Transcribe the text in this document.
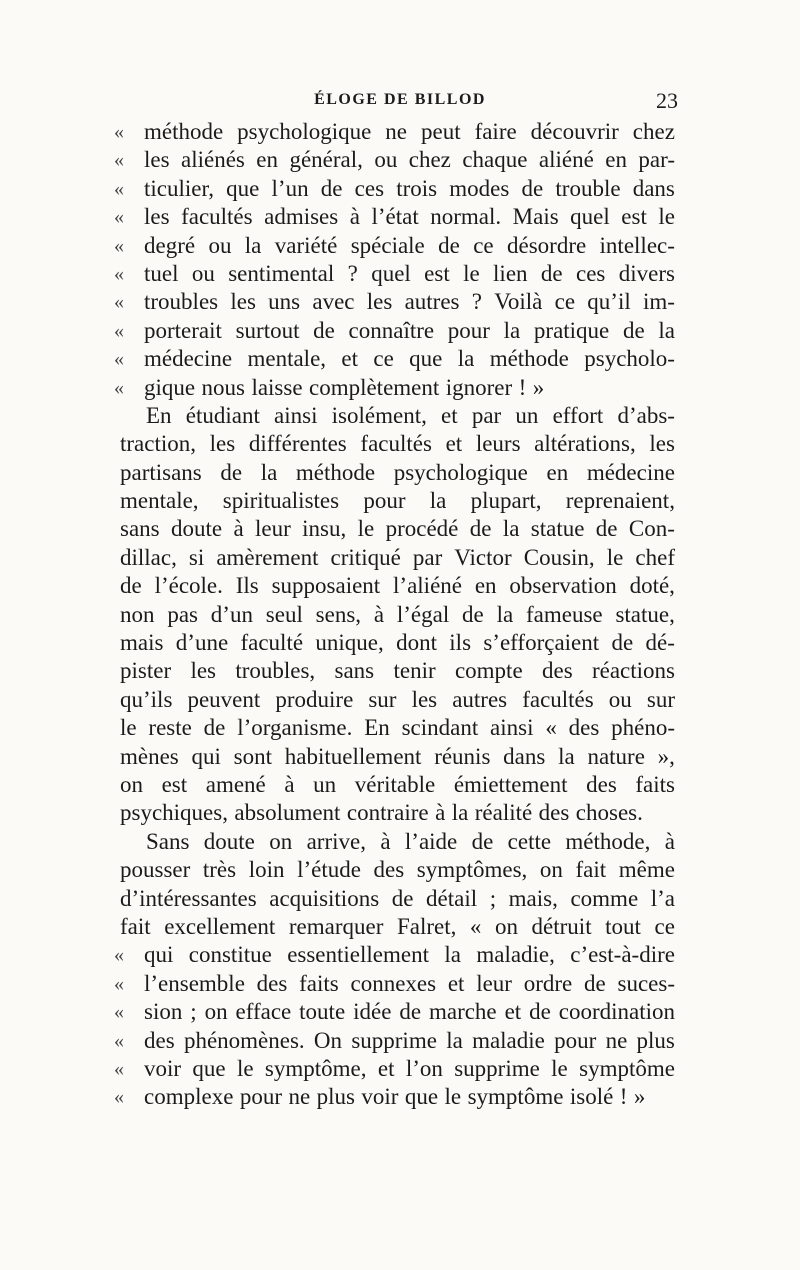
ÉLOGE DE BILLOD	23
« méthode psychologique ne peut faire découvrir chez
« les aliénés en général, ou chez chaque aliéné en par-
« ticulier, que l’un de ces trois modes de trouble dans
« les facultés admises à l’état normal. Mais quel est le
« degré ou la variété spéciale de ce désordre intellec-
« tuel ou sentimental ? quel est le lien de ces divers
« troubles les uns avec les autres ? Voilà ce qu’il im-
« porterait surtout de connaître pour la pratique de la
« médecine mentale, et ce que la méthode psycholo-
« gique nous laisse complètement ignorer ! »
En étudiant ainsi isolément, et par un effort d’abs-
traction, les différentes facultés et leurs altérations, les
partisans de la méthode psychologique en médecine
mentale, spiritualistes pour la plupart, reprenaient,
sans doute à leur insu, le procédé de la statue de Con-
dillac, si amèrement critiqué par Victor Cousin, le chef
de l’école. Ils supposaient l’aliéné en observation doté,
non pas d’un seul sens, à l’égal de la fameuse statue,
mais d’une faculté unique, dont ils s’efforçaient de dé-
pister les troubles, sans tenir compte des réactions
qu’ils peuvent produire sur les autres facultés ou sur
le reste de l’organisme. En scindant ainsi « des phéno-
mènes qui sont habituellement réunis dans la nature »,
on est amené à un véritable émiettement des faits
psychiques, absolument contraire à la réalité des choses.
Sans doute on arrive, à l’aide de cette méthode, à
pousser très loin l’étude des symptômes, on fait même
d’intéressantes acquisitions de détail ; mais, comme l’a
fait excellement remarquer Falret, « on détruit tout ce
« qui constitue essentiellement la maladie, c’est-à-dire
« l’ensemble des faits connexes et leur ordre de suces-
« sion ; on efface toute idée de marche et de coordination
« des phénomènes. On supprime la maladie pour ne plus
« voir que le symptôme, et l’on supprime le symptôme
« complexe pour ne plus voir que le symptôme isolé ! »
